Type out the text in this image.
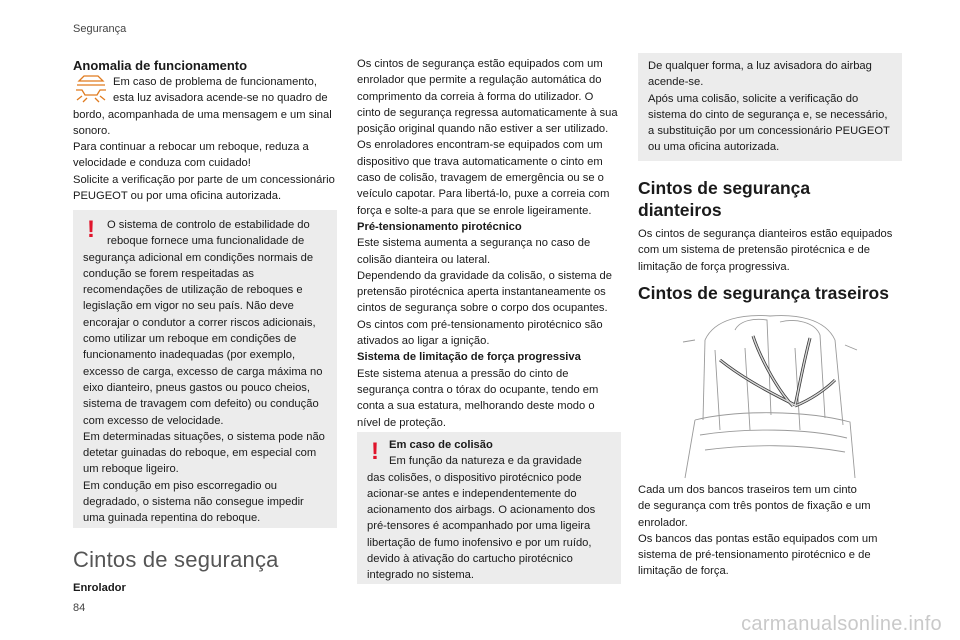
Segurança

Anomalia de funcionamento

Em caso de problema de funcionamento,

esta luz avisadora acende-se no quadro de

bordo, acompanhada de uma mensagem e um sinal

sonoro.

Para continuar a rebocar um reboque, reduza a

velocidade e conduza com cuidado!

Solicite a verificação por parte de um concessionário

PEUGEOT ou por uma oficina autorizada.

!	O sistema de controlo de estabilidade do

reboque fornece uma funcionalidade de

segurança adicional em condições normais de

condução se forem respeitadas as

recomendações de utilização de reboques e

legislação em vigor no seu país. Não deve

encorajar o condutor a correr riscos adicionais,

como utilizar um reboque em condições de

funcionamento inadequadas (por exemplo,

excesso de carga, excesso de carga máxima no

eixo dianteiro, pneus gastos ou pouco cheios,

sistema de travagem com defeito) ou condução

com excesso de velocidade.

Em determinadas situações, o sistema pode não

detetar guinadas do reboque, em especial com

um reboque ligeiro.

Em condução em piso escorregadio ou

degradado, o sistema não consegue impedir

uma guinada repentina do reboque.

Cintos de segurança
Enrolador

Os cintos de segurança estão equipados com um

enrolador que permite a regulação automática do

comprimento da correia à forma do utilizador. O

cinto de segurança regressa automaticamente à sua

posição original quando não estiver a ser utilizado.

Os enroladores encontram-se equipados com um

dispositivo que trava automaticamente o cinto em

caso de colisão, travagem de emergência ou se o

veículo capotar. Para libertá-lo, puxe a correia com

força e solte-a para que se enrole ligeiramente.

Pré-tensionamento pirotécnico

Este sistema aumenta a segurança no caso de

colisão dianteira ou lateral.

Dependendo da gravidade da colisão, o sistema de

pretensão pirotécnica aperta instantaneamente os

cintos de segurança sobre o corpo dos ocupantes.

Os cintos com pré-tensionamento pirotécnico são

ativados ao ligar a ignição.

Sistema de limitação de força progressiva

Este sistema atenua a pressão do cinto de

segurança contra o tórax do ocupante, tendo em

conta a sua estatura, melhorando deste modo o

nível de proteção.

! Em caso de colisão

Em função da natureza e da gravidade

das colisões, o dispositivo pirotécnico pode

acionar-se antes e independentemente do

acionamento dos airbags. O acionamento dos

pré-tensores é acompanhado por uma ligeira

libertação de fumo inofensivo e por um ruído,

devido à ativação do cartucho pirotécnico

integrado no sistema.

De qualquer forma, a luz avisadora do airbag

acende-se.

Após uma colisão, solicite a verificação do

sistema do cinto de segurança e, se necessário,

a substituição por um concessionário PEUGEOT

ou uma oficina autorizada.

Cintos de segurança

dianteiros

Os cintos de segurança dianteiros estão equipados

com um sistema de pretensão pirotécnica e de

limitação de força progressiva.

Cintos de segurança traseiros

Cada um dos bancos traseiros tem um cinto

de segurança com três pontos de fixação e um

enrolador.

Os bancos das pontas estão equipados com um

sistema de pré-tensionamento pirotécnico e de

limitação de força.

84
carmanualsonline.info
